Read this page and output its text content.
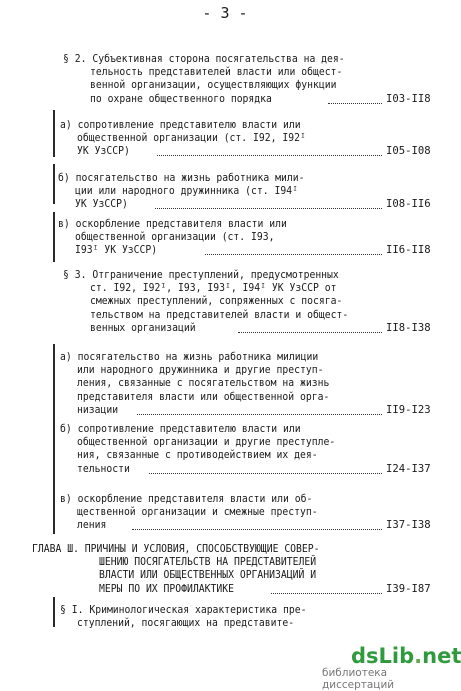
- 3 -
§ 2. Субъективная сторона посягательства на дея-
тельность представителей власти или общест-
венной организации, осуществляющих функции
по охране общественного порядка	I03-II8
а) сопротивление представителю власти или
общественной организации (ст. I92, I92ᴵ
УК УзССР)	I05-I08
б) посягательство на жизнь работника мили-
ции или народного дружинника (ст. I94ᴵ
УК УзССР)	I08-II6
в) оскорбление представителя власти или
общественной организации (ст. I93,
I93ᴵ УК УзССР)	II6-II8
§ 3. Отграничение преступлений, предусмотренных
ст. I92, I92ᴵ, I93, I93ᴵ, I94ᴵ УК УзССР от
смежных преступлений, сопряженных с посяга-
тельством на представителей власти и общест-
венных организаций	II8-I38
а) посягательство на жизнь работника милиции
или народного дружинника и другие преступ-
ления, связанные с посягательством на жизнь
представителя власти или общественной орга-
низации	II9-I23
б) сопротивление представителю власти или
общественной организации и другие преступле-
ния, связанные с противодействием их дея-
тельности	I24-I37
в) оскорбление представителя власти или об-
щественной организации и смежные преступ-
ления	I37-I38
ГЛАВА Ш. ПРИЧИНЫ И УСЛОВИЯ, СПОСОБСТВУЮЩИЕ СОВЕР-
ШЕНИЮ ПОСЯГАТЕЛЬСТВ НА ПРЕДСТАВИТЕЛЕЙ
ВЛАСТИ ИЛИ ОБЩЕСТВЕННЫХ ОРГАНИЗАЦИЙ И
МЕРЫ ПО ИХ ПРОФИЛАКТИКЕ	I39-I87
§ I. Криминологическая характеристика пре-
ступлений, посягающих на представите-
dsLib.net
библиотека диссертаций
